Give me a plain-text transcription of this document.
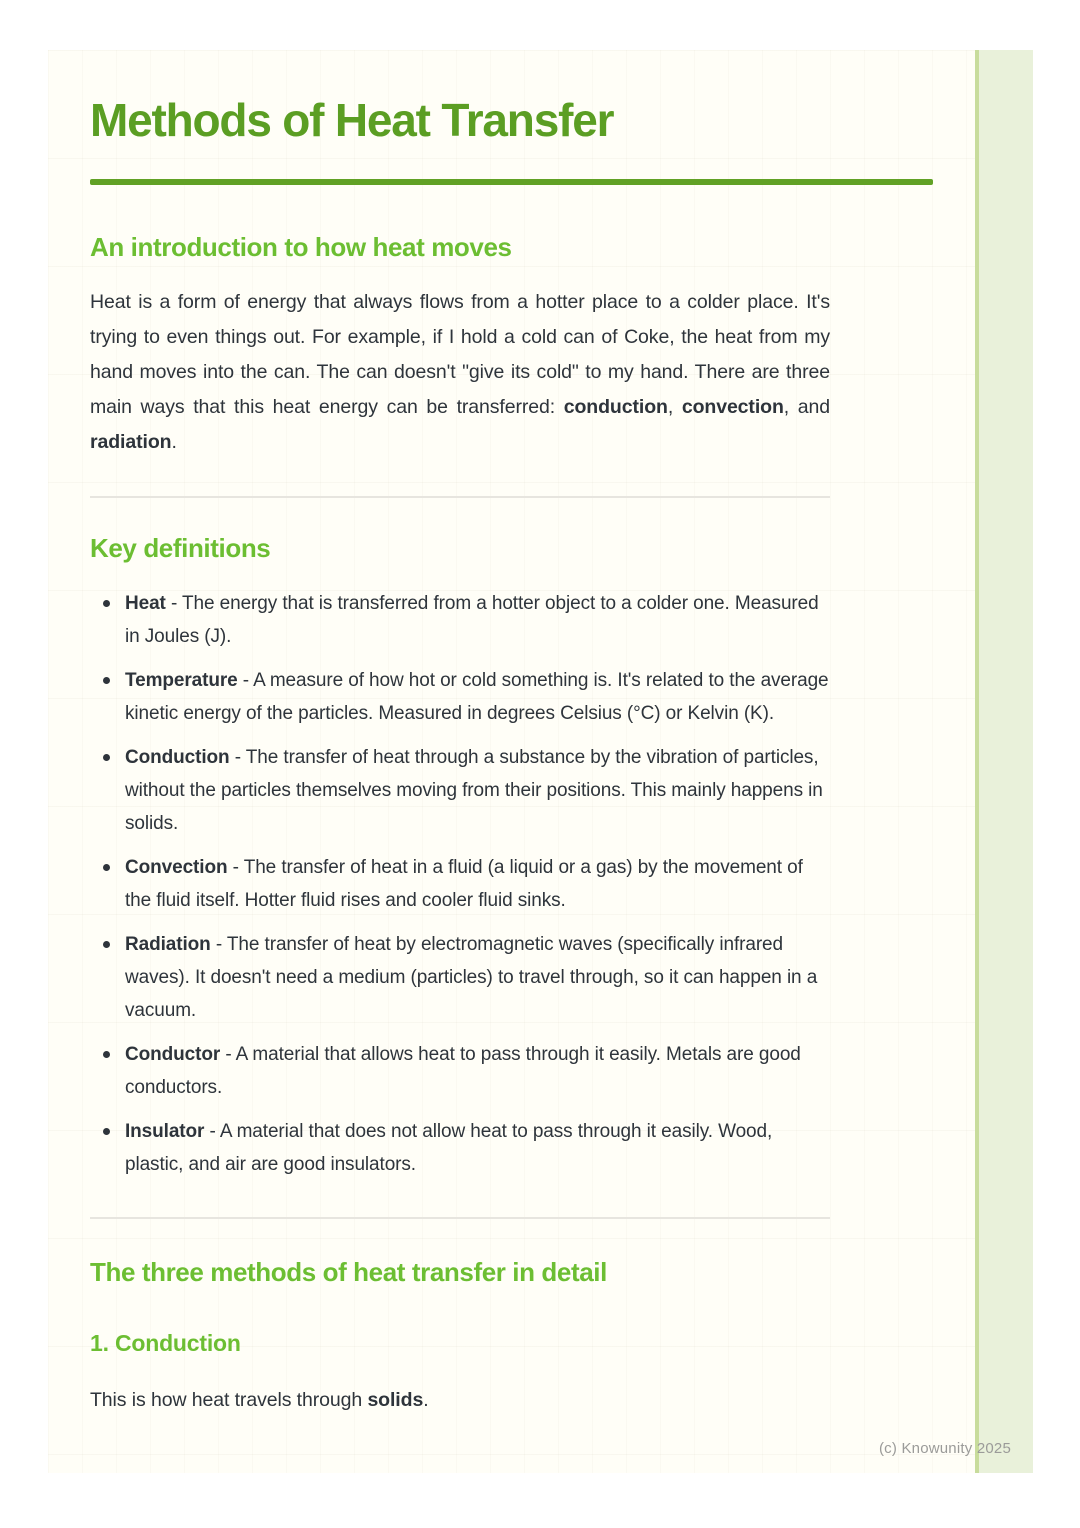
Methods of Heat Transfer
An introduction to how heat moves

Heat is a form of energy that always flows from a hotter place to a colder place. It's trying to even things out. For example, if I hold a cold can of Coke, the heat from my hand moves into the can. The can doesn't "give its cold" to my hand. There are three main ways that this heat energy can be transferred: conduction, convection, and radiation.

Key definitions
Heat - The energy that is transferred from a hotter object to a colder one. Measured in Joules (J).
Temperature - A measure of how hot or cold something is. It's related to the average kinetic energy of the particles. Measured in degrees Celsius (°C) or Kelvin (K).
Conduction - The transfer of heat through a substance by the vibration of particles, without the particles themselves moving from their positions. This mainly happens in solids.
Convection - The transfer of heat in a fluid (a liquid or a gas) by the movement of the fluid itself. Hotter fluid rises and cooler fluid sinks.
Radiation - The transfer of heat by electromagnetic waves (specifically infrared waves). It doesn't need a medium (particles) to travel through, so it can happen in a vacuum.
Conductor - A material that allows heat to pass through it easily. Metals are good conductors.
Insulator - A material that does not allow heat to pass through it easily. Wood, plastic, and air are good insulators.
The three methods of heat transfer in detail
1. Conduction

This is how heat travels through solids.

(c) Knowunity 2025
